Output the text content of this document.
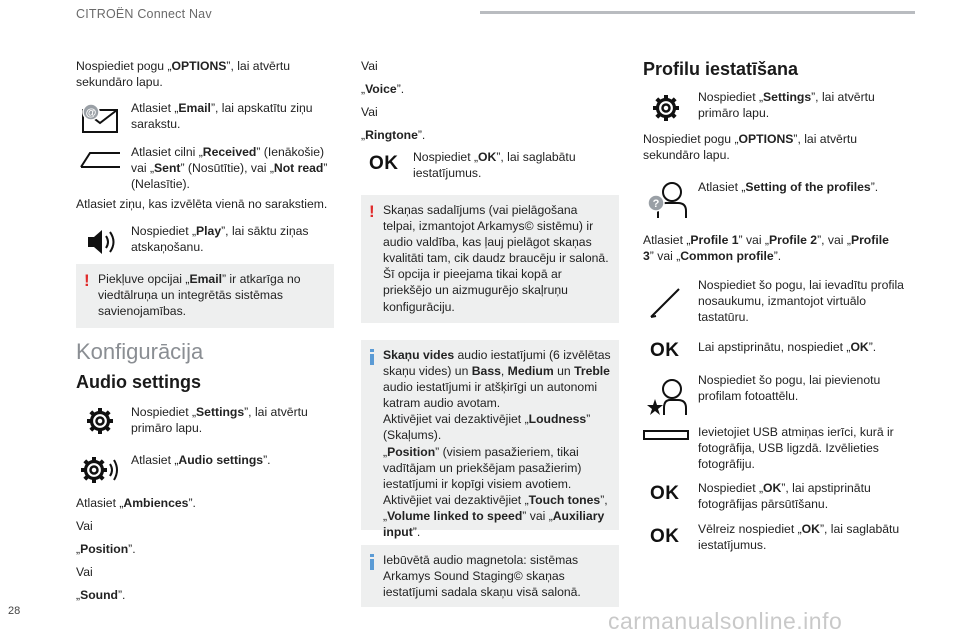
CITROËN Connect Nav
28	carmanualsonline.info
Nospiediet pogu „OPTIONS”, lai atvērtu sekundāro lapu.
@	Atlasiet „Email”, lai apskatītu ziņu sarakstu.
Atlasiet cilni „Received” (Ienākošie) vai „Sent” (Nosūtītie), vai „Not read” (Nelasītie).
Atlasiet ziņu, kas izvēlēta vienā no sarakstiem.
Nospiediet „Play”, lai sāktu ziņas atskaņošanu.
! Piekļuve opcijai „Email” ir atkarīga no viedtālruņa un integrētās sistēmas savienojamības.
Konfigurācija
Audio settings
Nospiediet „Settings”, lai atvērtu primāro lapu.
Atlasiet „Audio settings”.
Atlasiet „Ambiences”.
Vai
„Position”.
Vai
„Sound”.
Vai
„Voice”.
Vai
„Ringtone”.
OK Nospiediet „OK”, lai saglabātu iestatījumus.
! Skaņas sadalījums (vai pielāgošana telpai, izmantojot Arkamys© sistēmu) ir audio valdība, kas ļauj pielāgot skaņas kvalitāti tam, cik daudz braucēju ir salonā. Šī opcija ir pieejama tikai kopā ar priekšējo un aizmugurējo skaļruņu konfigurāciju.
Skaņu vides audio iestatījumi (6 izvēlētas skaņu vides) un Bass, Medium un Treble audio iestatījumi ir atšķirīgi un autonomi katram audio avotam.
Aktivējiet vai dezaktivējiet „Loudness” (Skaļums).
„Position” (visiem pasažieriem, tikai vadītājam un priekšējam pasažierim) iestatījumi ir kopīgi visiem avotiem.
Aktivējiet vai dezaktivējiet „Touch tones”, „Volume linked to speed” vai „Auxiliary input”.
Iebūvētā audio magnetola: sistēmas Arkamys Sound Staging© skaņas iestatījumi sadala skaņu visā salonā.
Profilu iestatīšana
Nospiediet „Settings”, lai atvērtu primāro lapu.
Nospiediet pogu „OPTIONS”, lai atvērtu sekundāro lapu.
?
Atlasiet „Setting of the profiles”.
Atlasiet „Profile 1” vai „Profile 2”, vai „Profile 3” vai „Common profile”.
Nospiediet šo pogu, lai ievadītu profila nosaukumu, izmantojot virtuālo tastatūru.
OK Lai apstiprinātu, nospiediet „OK”.
Nospiediet šo pogu, lai pievienotu profilam fotoattēlu.
Ievietojiet USB atmiņas ierīci, kurā ir fotogrāfija, USB ligzdā. Izvēlieties fotogrāfiju.
OK Nospiediet „OK”, lai apstiprinātu fotogrāfijas pārsūtīšanu.
OK Vēlreiz nospiediet „OK”, lai saglabātu iestatījumus.
